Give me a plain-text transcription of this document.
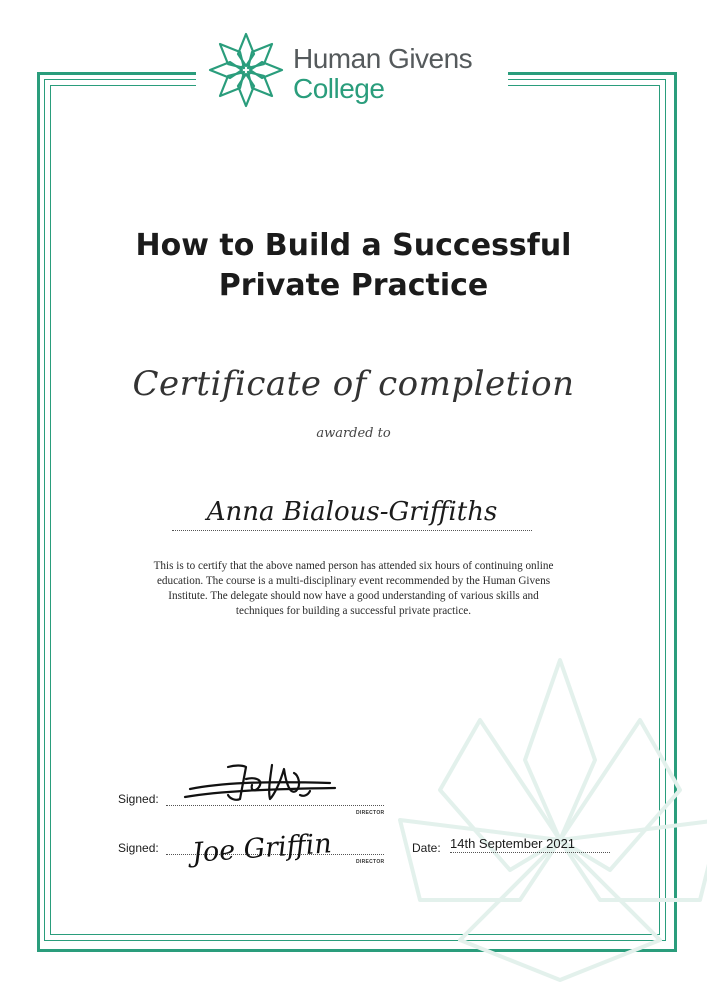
Human Givens
College
How to Build a Successful
Private Practice
Certificate of completion
awarded to
Anna Bialous-Griffiths
This is to certify that the above named person has attended six hours of continuing online education. The course is a multi-disciplinary event recommended by the Human Givens Institute. The delegate should now have a good understanding of various skills and techniques for building a successful private practice.
Signed:
DIRECTOR
Signed:
DIRECTOR
Joe Griffin	Date: 14th September 2021
